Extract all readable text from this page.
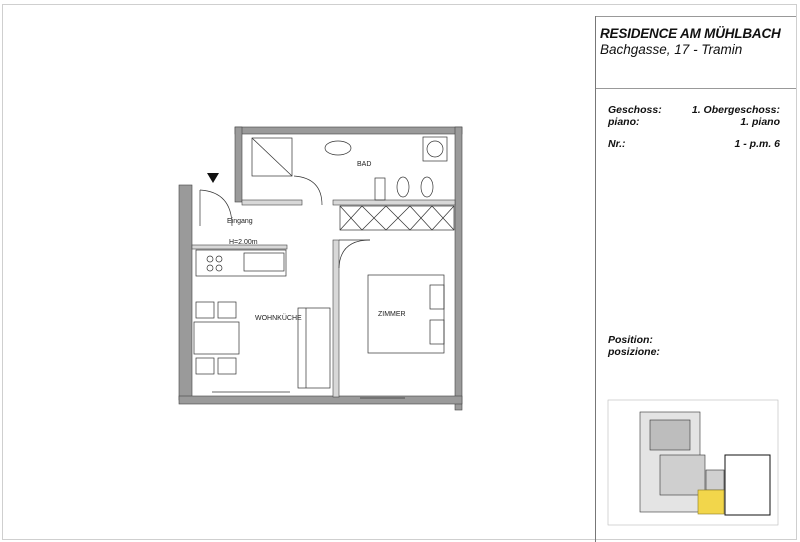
RESIDENCE AM MÜHLBACH
Bachgasse, 17 - Tramin
Geschoss:
piano:
1. Obergeschoss:
1. piano
Nr.:	1 - p.m. 6
Position:
posizione:
BAD
Eingang
H=2.00m
WOHNKÜCHE
ZIMMER
